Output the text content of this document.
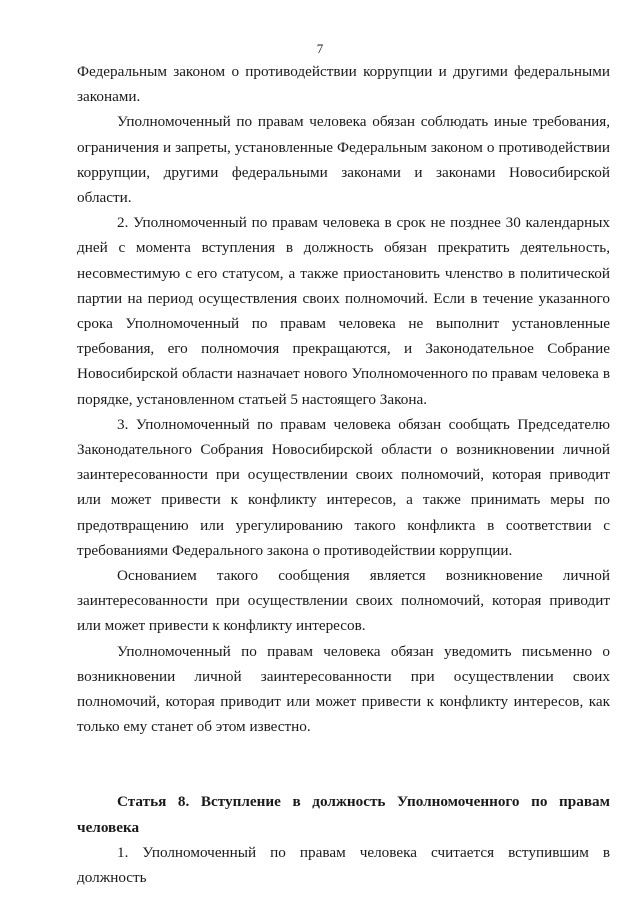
7

Федеральным законом о противодействии коррупции и другими федеральными законами.

Уполномоченный по правам человека обязан соблюдать иные требования, ограничения и запреты, установленные Федеральным законом о противодействии коррупции, другими федеральными законами и законами Новосибирской области.

2. Уполномоченный по правам человека в срок не позднее 30 календарных дней с момента вступления в должность обязан прекратить деятельность, несовместимую с его статусом, а также приостановить членство в политической партии на период осуществления своих полномочий. Если в течение указанного срока Уполномоченный по правам человека не выполнит установленные требования, его полномочия прекращаются, и Законодательное Собрание Новосибирской области назначает нового Уполномоченного по правам человека в порядке, установленном статьей 5 настоящего Закона.

3. Уполномоченный по правам человека обязан сообщать Председателю Законодательного Собрания Новосибирской области о возникновении личной заинтересованности при осуществлении своих полномочий, которая приводит или может привести к конфликту интересов, а также принимать меры по предотвращению или урегулированию такого конфликта в соответствии с требованиями Федерального закона о противодействии коррупции.

Основанием такого сообщения является возникновение личной заинтересованности при осуществлении своих полномочий, которая приводит или может привести к конфликту интересов.

Уполномоченный по правам человека обязан уведомить письменно о возникновении личной заинтересованности при осуществлении своих полномочий, которая приводит или может привести к конфликту интересов, как только ему станет об этом известно.

Статья 8. Вступление в должность Уполномоченного по правам человека

1. Уполномоченный по правам человека считается вступившим в должность
